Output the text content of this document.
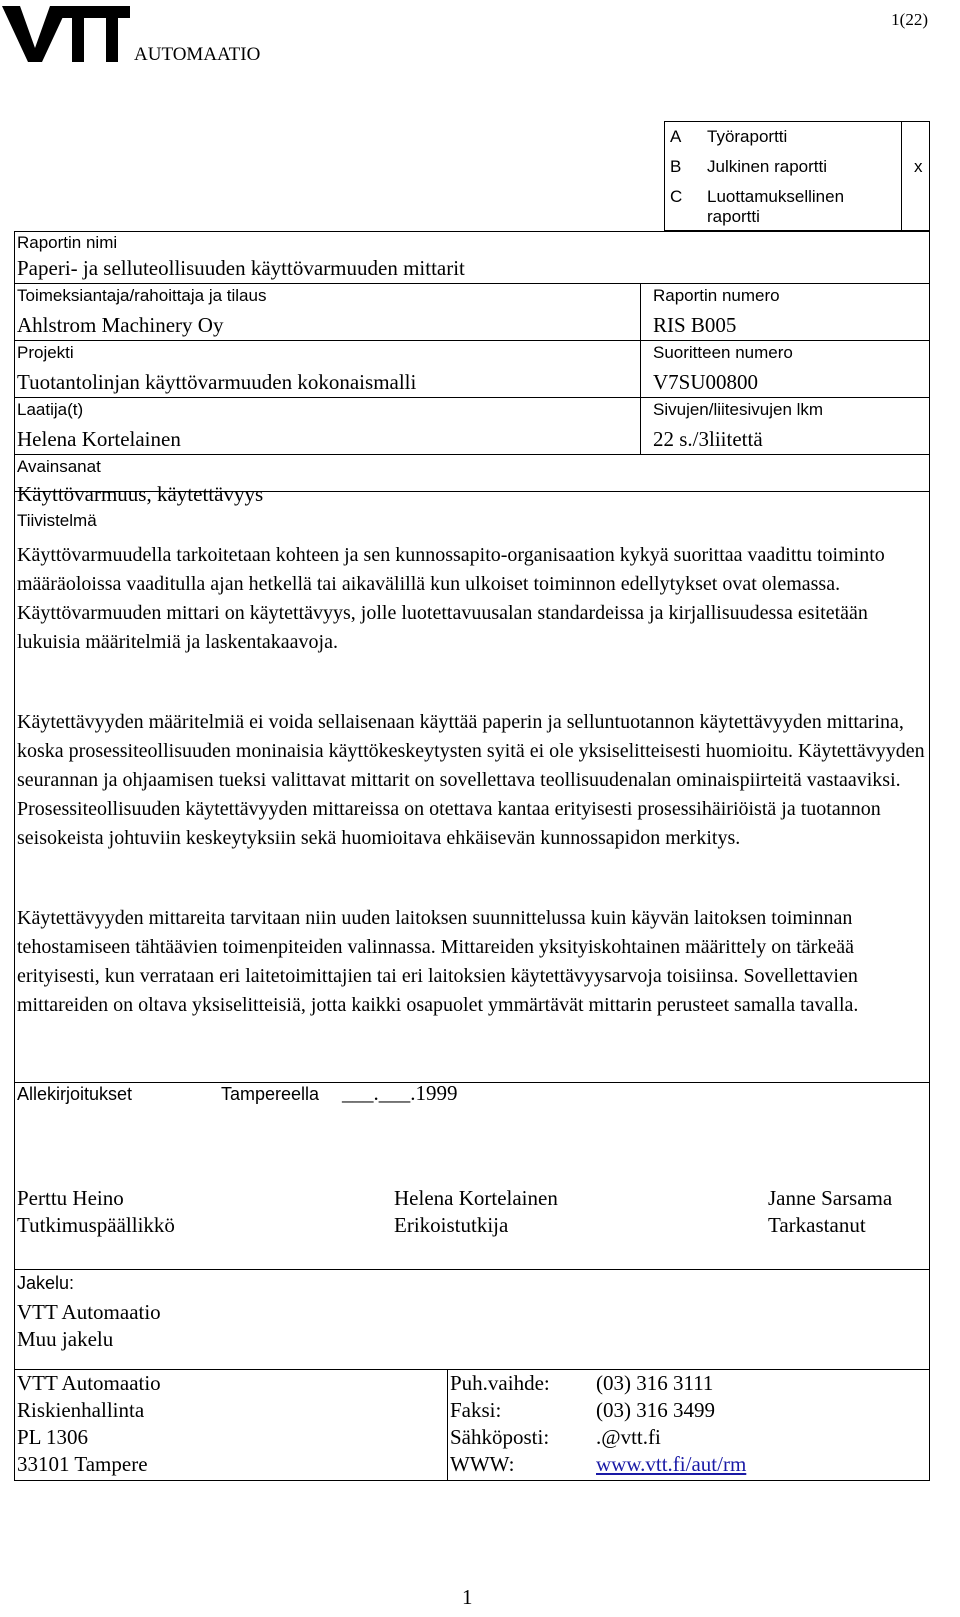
AUTOMAATIO
1(22)
A Työraportti
B Julkinen raportti	x
C Luottamuksellinen raportti
Raportin nimi
Paperi- ja selluteollisuuden käyttövarmuuden mittarit
Toimeksiantaja/rahoittaja ja tilaus
Ahlstrom Machinery Oy
Raportin numero
RIS B005
Projekti
Tuotantolinjan käyttövarmuuden kokonaismalli
Suoritteen numero
V7SU00800
Laatija(t)
Helena Kortelainen
Sivujen/liitesivujen lkm
22 s./3liitettä
Avainsanat
Käyttövarmuus, käytettävyys
Tiivistelmä

Käyttövarmuudella tarkoitetaan kohteen ja sen kunnossapito-organisaation kykyä suorittaa vaadittu toiminto määräoloissa vaaditulla ajan hetkellä tai aikavälillä kun ulkoiset toiminnon edellytykset ovat olemassa. Käyttövarmuuden mittari on käytettävyys, jolle luotettavuusalan standardeissa ja kirjallisuudessa esitetään lukuisia määritelmiä ja laskentakaavoja.

Käytettävyyden määritelmiä ei voida sellaisenaan käyttää paperin ja selluntuotannon käytettävyyden mittarina, koska prosessiteollisuuden moninaisia käyttökeskeytysten syitä ei ole yksiselitteisesti huomioitu. Käytettävyyden seurannan ja ohjaamisen tueksi valittavat mittarit on sovellettava teollisuudenalan ominaispiirteitä vastaaviksi. Prosessiteollisuuden käytettävyyden mittareissa on otettava kantaa erityisesti prosessihäiriöistä ja tuotannon seisokeista johtuviin keskeytyksiin sekä huomioitava ehkäisevän kunnossapidon merkitys.

Käytettävyyden mittareita tarvitaan niin uuden laitoksen suunnittelussa kuin käyvän laitoksen toiminnan tehostamiseen tähtäävien toimenpiteiden valinnassa. Mittareiden yksityiskohtainen määrittely on tärkeää erityisesti, kun verrataan eri laitetoimittajien tai eri laitoksien käytettävyysarvoja toisiinsa. Sovellettavien mittareiden on oltava yksiselitteisiä, jotta kaikki osapuolet ymmärtävät mittarin perusteet samalla tavalla.

Allekirjoitukset	Tampereella ___.___.1999
Perttu Heino
Tutkimuspäällikkö
Helena Kortelainen
Erikoistutkija
Janne Sarsama
Tarkastanut
Jakelu:
VTT Automaatio
Muu jakelu
VTT Automaatio
Riskienhallinta
PL 1306
33101 Tampere
Puh.vaihde: (03) 316 3111
Faksi:	(03) 316 3499
Sähköposti: .@vtt.fi
WWW:	www.vtt.fi/aut/rm
1
